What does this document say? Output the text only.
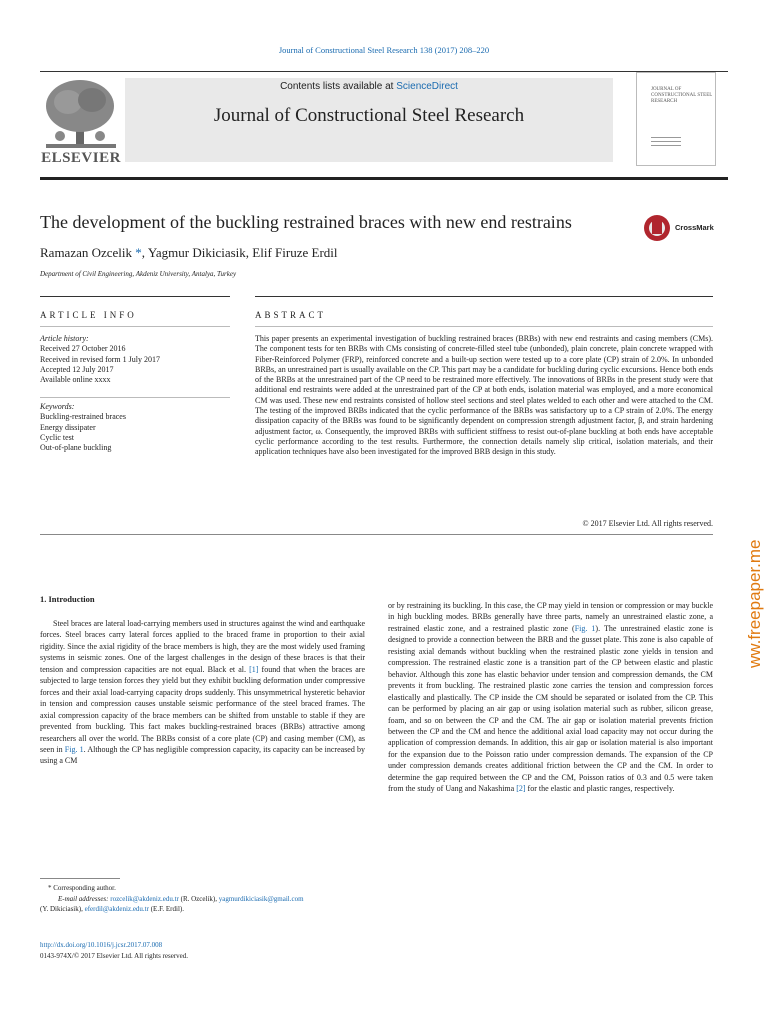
Journal of Constructional Steel Research 138 (2017) 208–220
ELSEVIER
Contents lists available at ScienceDirect
Journal of Constructional Steel Research
JOURNAL OF CONSTRUCTIONAL STEEL RESEARCH
The development of the buckling restrained braces with new end restrains	CrossMark
Ramazan Ozcelik *, Yagmur Dikiciasik, Elif Firuze Erdil
Department of Civil Engineering, Akdeniz University, Antalya, Turkey
ARTICLE INFO	ABSTRACT
Article history:
Received 27 October 2016
Received in revised form 1 July 2017
Accepted 12 July 2017
Available online xxxx
Keywords:
Buckling-restrained braces
Energy dissipater
Cyclic test
Out-of-plane buckling
This paper presents an experimental investigation of buckling restrained braces (BRBs) with new end restraints and casing members (CMs). The component tests for ten BRBs with CMs consisting of concrete-filled steel tube (unbonded), plain concrete, plain concrete wrapped with Fiber-Reinforced Polymer (FRP), reinforced concrete and a built-up section were tested up to a core plate (CP) strain of 2.0%. In unbonded BRBs, an unrestrained part is usually available on the CP. This part may be a candidate for buckling during cyclic excursions. Hence both ends of the BRBs at the unrestrained part of the CP need to be restrained more effectively. The innovations of BRBs in the present study were that additional end restraints were added at the unrestrained part of the CP at both ends, isolation material was employed, and a more economical CM was used. These new end restraints consisted of hollow steel sections and steel plates welded to each other and were attached to the CM. The testing of the improved BRBs indicated that the cyclic performance of the BRBs was satisfactory up to a CP strain of 2.0%. The energy dissipation capacity of the BRBs was found to be significantly dependent on compression strength adjustment factor, β, and strain hardening adjustment factor, ω. Consequently, the improved BRBs with sufficient stiffness to resist out-of-plane buckling at both ends have acceptable cyclic performance according to the test results. Furthermore, the connection details namely slip critical, isolation materials, and their application techniques have also been investigated for the improved BRB design in this study.
© 2017 Elsevier Ltd. All rights reserved.
1. Introduction

Steel braces are lateral load-carrying members used in structures against the wind and earthquake forces. Steel braces carry lateral forces applied to the braced frame in proportion to their axial rigidity. Since the axial rigidity of the brace members is high, they are the most widely used framing systems in seismic zones. One of the largest challenges in the design of these braces is that their tension and compression capacities are not equal. Black et al. [1] found that when the braces are subjected to large tension forces they yield but they exhibit buckling deformation under compressive forces and their axial load-carrying capacity drops suddenly. This unsymmetrical hysteretic behavior in tension and compression causes unstable seismic performance of the steel braced frames. The axial compression capacity of the brace members can be shifted from unstable to stable if they are prevented from buckling. This fact makes buckling-restrained braces (BRBs) attractive among researchers all over the world. The BRBs consist of a core plate (CP) and casing member (CM), as seen in Fig. 1. Although the CP has negligible compression capacity, its capacity can be increased by using a CM

or by restraining its buckling. In this case, the CP may yield in tension or compression or may buckle in high buckling modes. BRBs generally have three parts, namely an unrestrained elastic zone, a restrained elastic zone, and a restrained plastic zone (Fig. 1). The unrestrained elastic zone is designed to provide a connection between the BRB and the gusset plate. This zone is also capable of resisting axial demands without buckling when the restrained plastic zone yields in tension and compression. The restrained elastic zone is a transition part of the CP between elastic and plastic behavior. Although this zone has elastic behavior under tension and compression demands, the CM prevents it from buckling. The restrained plastic zone carries the tension and compression forces elastically and plastically. The CP inside the CM should be separated or isolated from the CP. This can be performed by placing an air gap or using isolation material such as rubber, silicon grease, foam, and so on between the CP and the CM. The air gap or isolation material prevents friction between the CP and the CM and hence the additional axial load capacity may not occur during the application of compression demands. In addition, this air gap or isolation material is also important for the expansion due to the Poisson ratio under compression demands. The expansion of the CP under compression demands creates additional friction between the CP and the CM. In order to determine the gap required between the CP and the CM, Poisson ratios of 0.3 and 0.5 were taken from the study of Uang and Nakashima [2] for the elastic and plastic ranges, respectively.

* Corresponding author.
E-mail addresses: rozcelik@akdeniz.edu.tr (R. Ozcelik), yagmurdikiciasik@gmail.com
(Y. Dikiciasik), eferdil@akdeniz.edu.tr (E.F. Erdil).
http://dx.doi.org/10.1016/j.jcsr.2017.07.008
0143-974X/© 2017 Elsevier Ltd. All rights reserved.
ww.freepaper.me
